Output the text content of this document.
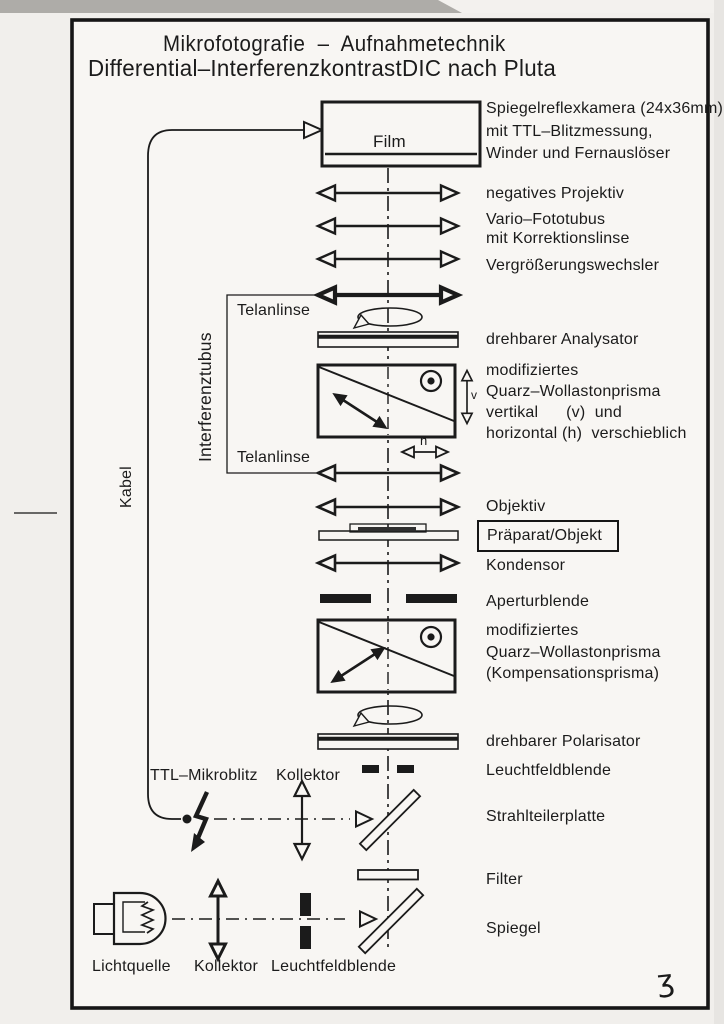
Mikrofotografie  –  Aufnahmetechnik
Differential–Interferenzkontrast DIC nach Pluta
Film
Spiegelreflexkamera (24x36mm)
mit TTL–Blitzmessung,
Winder und Fernauslöser
negatives Projektiv
Vario–Fototubus
mit Korrektionslinse
Vergrößerungswechsler
drehbarer Analysator
modifiziertes
Quarz–Wollastonprisma
vertikal      (v)  und
horizontal (h)  verschieblich
Objektiv
Präparat/Objekt
Kondensor
Aperturblende
modifiziertes
Quarz–Wollastonprisma
(Kompensationsprisma)
drehbarer Polarisator
Leuchtfeldblende
Strahlteilerplatte
Filter
Spiegel
Telanlinse
Telanlinse
Kabel
Interferenztubus
TTL–Mikroblitz Kollektor
Lichtquelle Kollektor Leuchtfeldblende
v
h
ʒ
